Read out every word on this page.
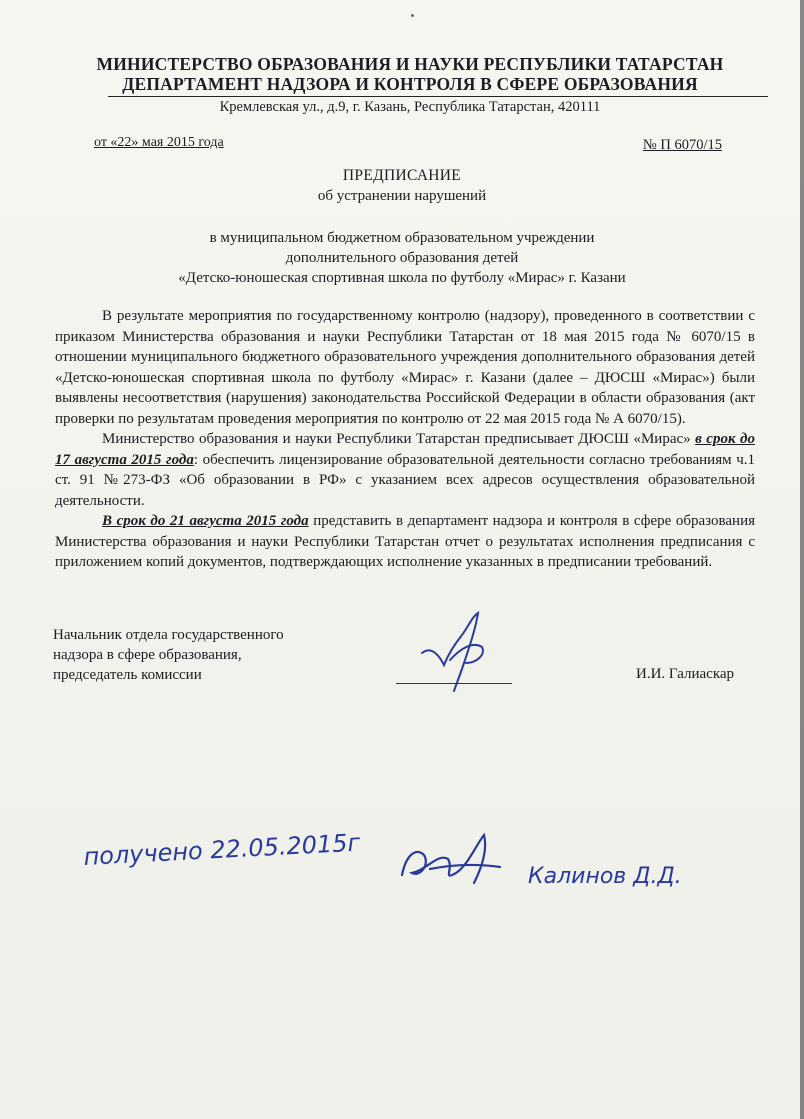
МИНИСТЕРСТВО ОБРАЗОВАНИЯ И НАУКИ РЕСПУБЛИКИ ТАТАРСТАН
ДЕПАРТАМЕНТ НАДЗОРА И КОНТРОЛЯ В СФЕРЕ ОБРАЗОВАНИЯ
Кремлевская ул., д.9, г. Казань, Республика Татарстан, 420111
от «22» мая 2015 года	№ П 6070/15
ПРЕДПИСАНИЕ
об устранении нарушений
в муниципальном бюджетном образовательном учреждении
дополнительного образования детей
«Детско-юношеская спортивная школа по футболу «Мирас» г. Казани

В результате мероприятия по государственному контролю (надзору), проведенного в соответствии с приказом Министерства образования и науки Республики Татарстан от 18 мая 2015 года № 6070/15 в отношении муниципального бюджетного образовательного учреждения дополнительного образования детей «Детско-юношеская спортивная школа по футболу «Мирас» г. Казани (далее – ДЮСШ «Мирас») были выявлены несоответствия (нарушения) законодательства Российской Федерации в области образования (акт проверки по результатам проведения мероприятия по контролю от 22 мая 2015 года № А 6070/15).

Министерство образования и науки Республики Татарстан предписывает ДЮСШ «Мирас» в срок до 17 августа 2015 года: обеспечить лицензирование образовательной деятельности согласно требованиям ч.1 ст. 91 №273-ФЗ «Об образовании в РФ» с указанием всех адресов осуществления образовательной деятельности.

В срок до 21 августа 2015 года представить в департамент надзора и контроля в сфере образования Министерства образования и науки Республики Татарстан отчет о результатах исполнения предписания с приложением копий документов, подтверждающих исполнение указанных в предписании требований.

Начальник отдела государственного
надзора в сфере образования,
председатель комиссии	И.И. Галиаскар
получено 22.05.2015г
Калинов Д.Д.
